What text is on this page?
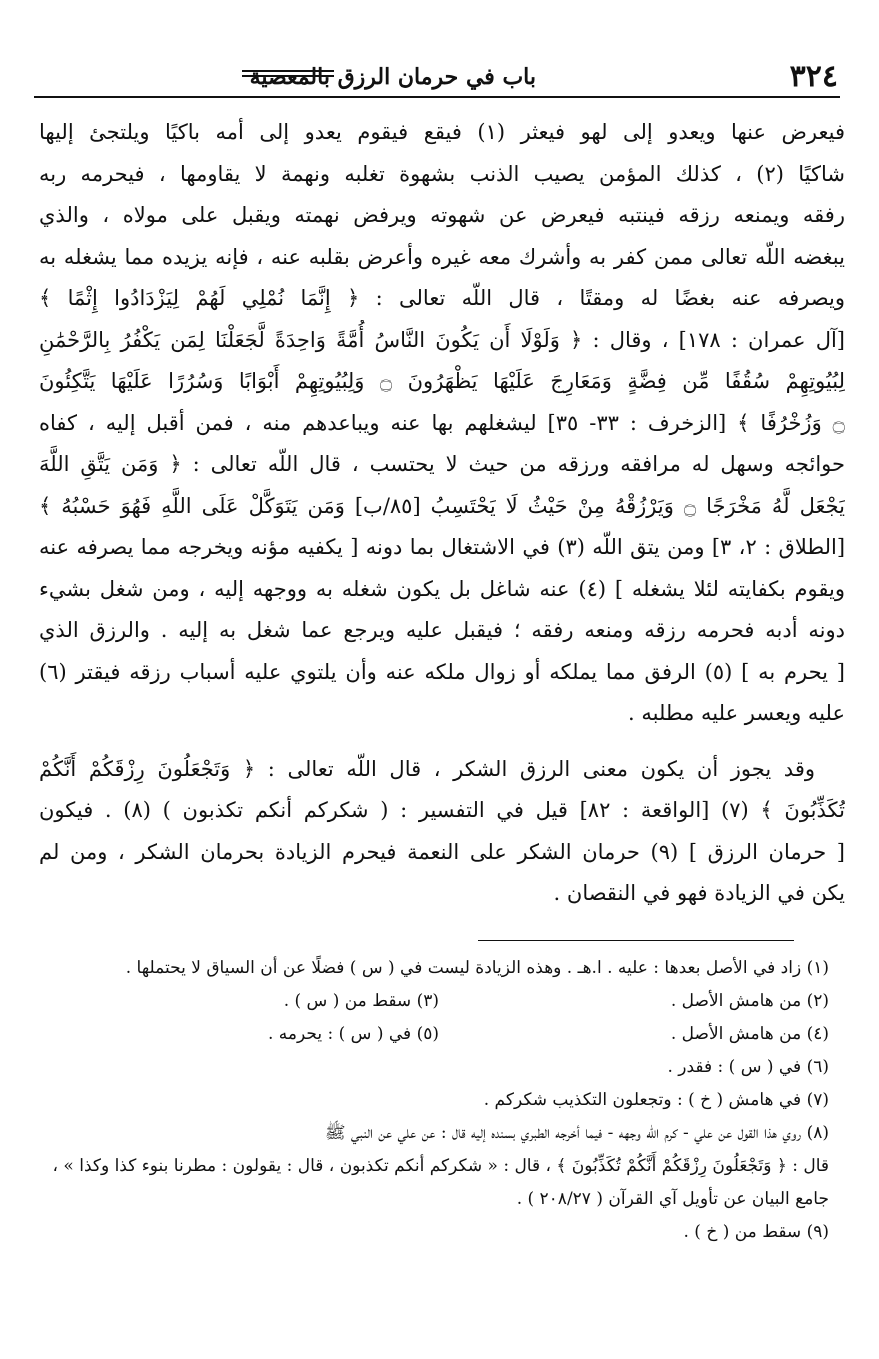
٣٢٤
باب في حرمان الرزق بالمعصية
فيعرض عنها ويعدو إلى لهو فيعثر (١) فيقع فيقوم يعدو إلى أمه باكيًا ويلتجئ إليها
شاكيًا (٢) ، كذلك المؤمن يصيب الذنب بشهوة تغلبه ونهمة لا يقاومها ، فيحرمه ربه
رفقه ويمنعه رزقه فينتبه فيعرض عن شهوته ويرفض نهمته ويقبل على مولاه ، والذي
يبغضه اللّه تعالى ممن كفر به وأشرك معه غيره وأعرض بقلبه عنه ، فإنه يزيده مما يشغله به
ويصرفه عنه بغضًا له ومقتًا ، قال اللّه تعالى : ﴿ إِنَّمَا نُمْلِي لَهُمْ لِيَزْدَادُوا إِثْمًا ﴾
[آل عمران : ١٧٨] ، وقال : ﴿ وَلَوْلَا أَن يَكُونَ النَّاسُ أُمَّةً وَاحِدَةً لَّجَعَلْنَا لِمَن يَكْفُرُ بِالرَّحْمَٰنِ
لِبُيُوتِهِمْ سُقُفًا مِّن فِضَّةٍ وَمَعَارِجَ عَلَيْهَا يَظْهَرُونَ ۝ وَلِبُيُوتِهِمْ أَبْوَابًا وَسُرُرًا عَلَيْهَا يَتَّكِئُونَ
۝ وَزُخْرُفًا ﴾ [الزخرف : ٣٣- ٣٥] ليشغلهم بها عنه ويباعدهم منه ، فمن أقبل إليه ، كفاه
حوائجه وسهل له مرافقه ورزقه من حيث لا يحتسب ، قال اللّه تعالى : ﴿ وَمَن يَتَّقِ اللَّهَ
يَجْعَل لَّهُ مَخْرَجًا ۝ وَيَرْزُقْهُ مِنْ حَيْثُ لَا يَحْتَسِبُ [٨٥/ب] وَمَن يَتَوَكَّلْ عَلَى اللَّهِ فَهُوَ حَسْبُهُ ﴾
[الطلاق : ٢، ٣] ومن يتق اللّه (٣) في الاشتغال بما دونه [ يكفيه مؤنه ويخرجه مما يصرفه عنه
ويقوم بكفايته لئلا يشغله ] (٤) عنه شاغل بل يكون شغله به ووجهه إليه ، ومن شغل بشيء
دونه أدبه فحرمه رزقه ومنعه رفقه ؛ فيقبل عليه ويرجع عما شغل به إليه . والرزق الذي
[ يحرم به ] (٥) الرفق مما يملكه أو زوال ملكه عنه وأن يلتوي عليه أسباب رزقه فيقتر (٦)
عليه ويعسر عليه مطلبه .
وقد يجوز أن يكون معنى الرزق الشكر ، قال اللّه تعالى : ﴿ وَتَجْعَلُونَ رِزْقَكُمْ أَنَّكُمْ
تُكَذِّبُونَ ﴾ (٧) [الواقعة : ٨٢] قيل في التفسير : ( شكركم أنكم تكذبون ) (٨) . فيكون
[ حرمان الرزق ] (٩) حرمان الشكر على النعمة فيحرم الزيادة بحرمان الشكر ، ومن لم
يكن في الزيادة فهو في النقصان .
(١) زاد في الأصل بعدها : عليه . ا.هـ . وهذه الزيادة ليست في ( س ) فضلًا عن أن السياق لا يحتملها .
(٢) من هامش الأصل .
(٣) سقط من ( س ) .
(٤) من هامش الأصل .
(٥) في ( س ) : يحرمه .
(٦) في ( س ) : فقدر .
(٧) في هامش ( خ ) : وتجعلون التكذيب شكركم .
(٨) روي هذا القول عن علي - كرم اللّه وجهه - فيما أخرجه الطبري بسنده إليه قال : عن علي عن النبي ﷺ
قال : ﴿ وَتَجْعَلُونَ رِزْقَكُمْ أَنَّكُمْ تُكَذِّبُونَ ﴾ ، قال : « شكركم أنكم تكذبون ، قال : يقولون : مطرنا بنوء كذا وكذا » ،
جامع البيان عن تأويل آي القرآن ( ٢٠٨/٢٧ ) .
(٩) سقط من ( خ ) .
